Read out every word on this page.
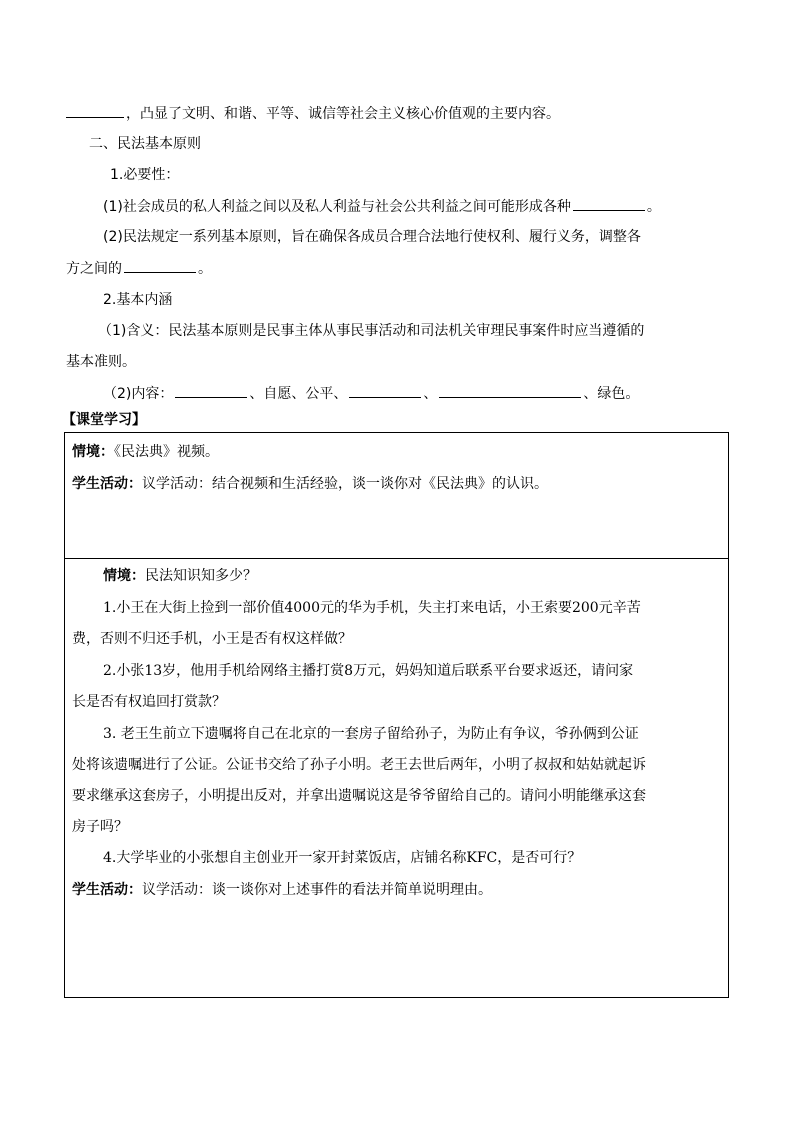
，凸显了文明、和谐、平等、诚信等社会主义核心价值观的主要内容。
二、民法基本原则
1.必要性：
(1)社会成员的私人利益之间以及私人利益与社会公共利益之间可能形成各种	。
(2)民法规定一系列基本原则，旨在确保各成员合理合法地行使权利、履行义务，调整各
方之间的	。
2.基本内涵
（1)含义：民法基本原则是民事主体从事民事活动和司法机关审理民事案件时应当遵循的
基本准则。
（2)内容：	、自愿、公平、	、	、绿色。
【课堂学习】
情境：《民法典》视频。
学生活动：议学活动：结合视频和生活经验，谈一谈你对《民法典》的认识。
情境：民法知识知多少？
1.小王在大街上捡到一部价值4000元的华为手机，失主打来电话，小王索要200元辛苦
费，否则不归还手机，小王是否有权这样做？
2.小张13岁，他用手机给网络主播打赏8万元，妈妈知道后联系平台要求返还，请问家
长是否有权追回打赏款？
3. 老王生前立下遗嘱将自己在北京的一套房子留给孙子，为防止有争议，爷孙俩到公证
处将该遗嘱进行了公证。公证书交给了孙子小明。老王去世后两年，小明了叔叔和姑姑就起诉
要求继承这套房子，小明提出反对，并拿出遗嘱说这是爷爷留给自己的。请问小明能继承这套
房子吗？
4.大学毕业的小张想自主创业开一家开封菜饭店，店铺名称KFC，是否可行？
学生活动：议学活动：谈一谈你对上述事件的看法并简单说明理由。
